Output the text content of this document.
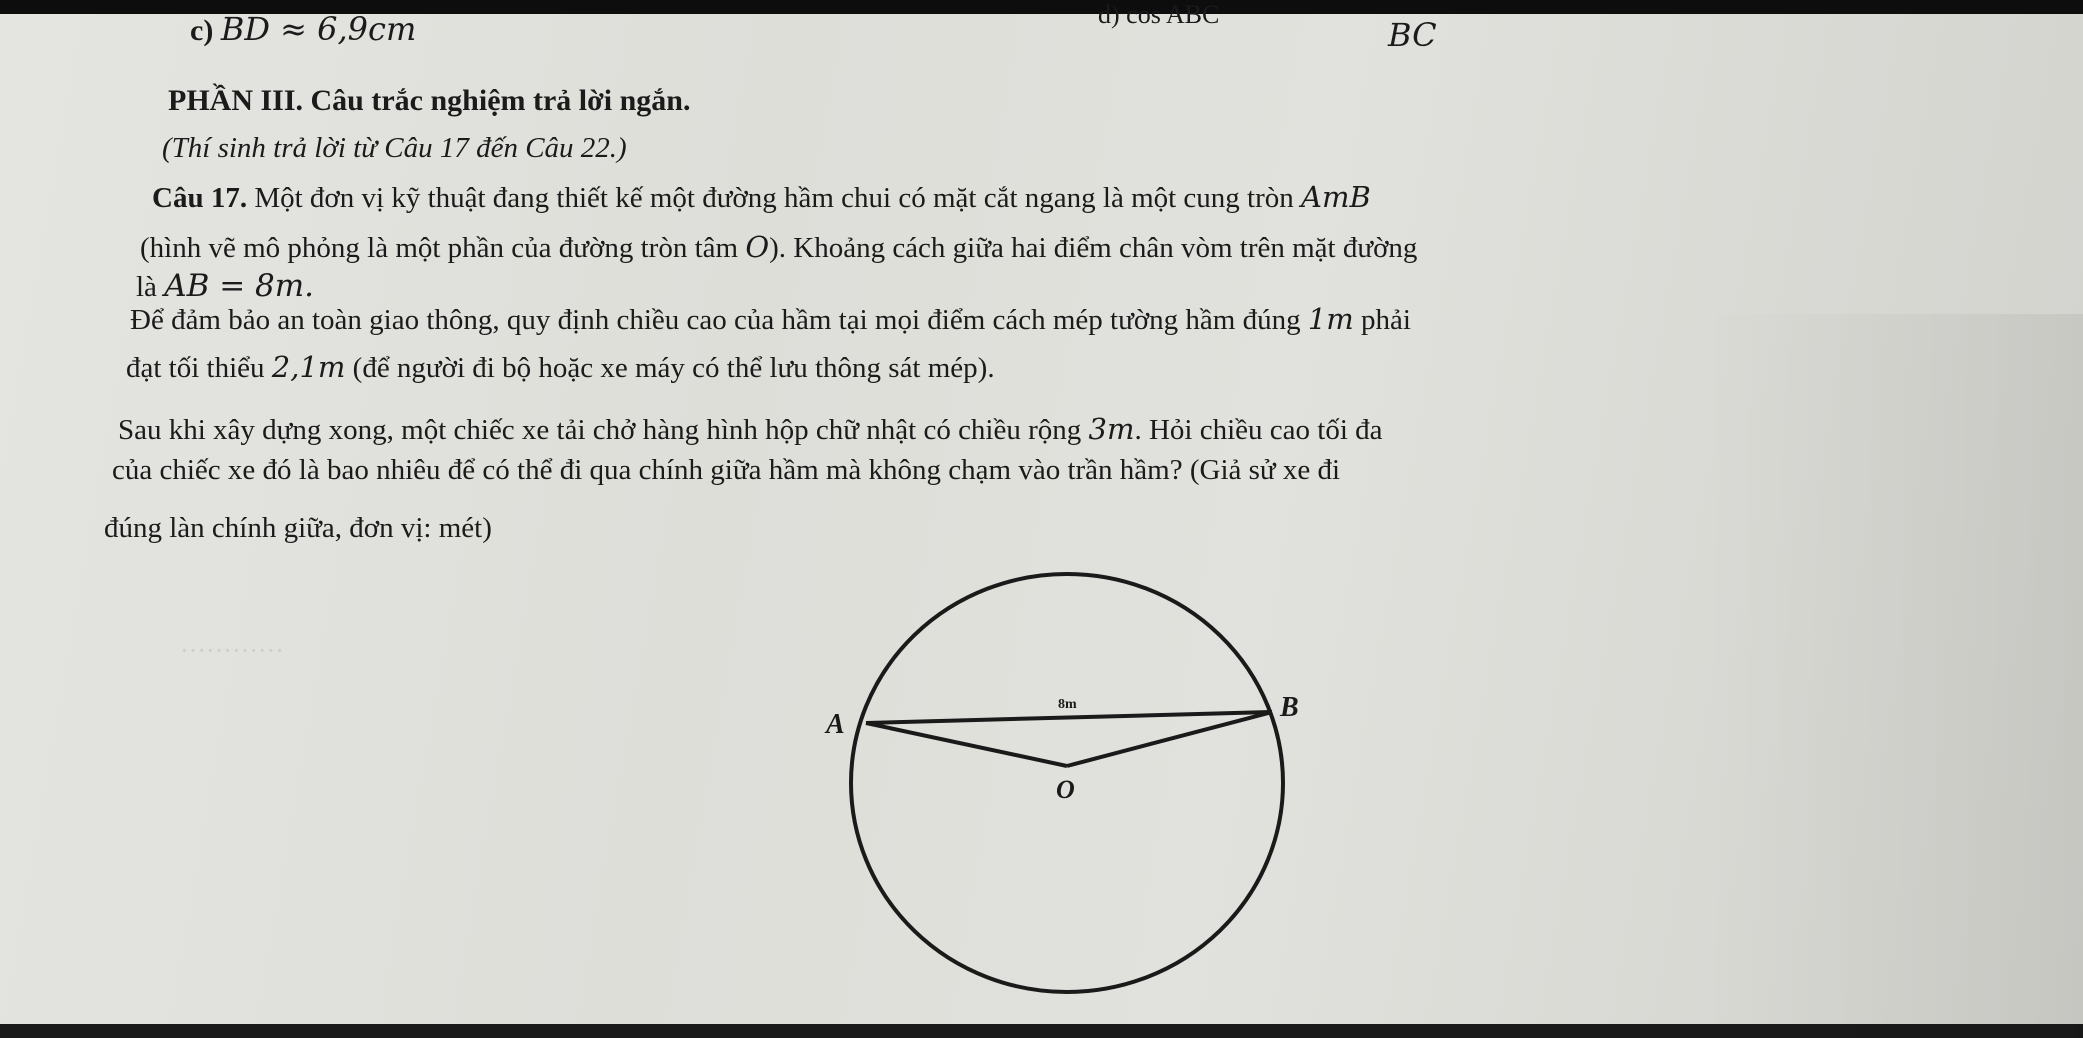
············
c) BD ≈ 6,9cm	BC
PHẦN III. Câu trắc nghiệm trả lời ngắn.
(Thí sinh trả lời từ Câu 17 đến Câu 22.)
Câu 17. Một đơn vị kỹ thuật đang thiết kế một đường hầm chui có mặt cắt ngang là một cung tròn AmB
(hình vẽ mô phỏng là một phần của đường tròn tâm O). Khoảng cách giữa hai điểm chân vòm trên mặt đường
là AB = 8m.
Để đảm bảo an toàn giao thông, quy định chiều cao của hầm tại mọi điểm cách mép tường hầm đúng 1m phải
đạt tối thiểu 2,1m (để người đi bộ hoặc xe máy có thể lưu thông sát mép).
Sau khi xây dựng xong, một chiếc xe tải chở hàng hình hộp chữ nhật có chiều rộng 3m. Hỏi chiều cao tối đa
của chiếc xe đó là bao nhiêu để có thể đi qua chính giữa hầm mà không chạm vào trần hầm? (Giả sử xe đi
đúng làn chính giữa, đơn vị: mét)
A
B
O
8m
